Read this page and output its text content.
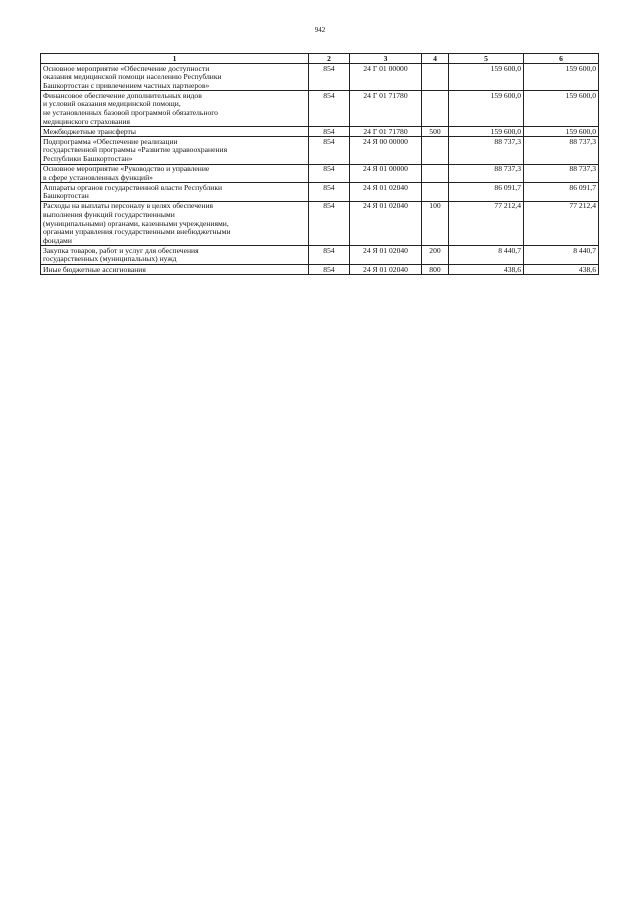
942
1	2	3	4	5	6
Основное мероприятие «Обеспечение доступности
оказания медицинской помощи населению Республики
Башкортостан с привлечением частных партнеров»	854	24 Г 01 00000		159 600,0	159 600,0
Финансовое обеспечение дополнительных видов
и условий оказания медицинской помощи,
не установленных базовой программой обязательного
медицинского страхования	854	24 Г 01 71780		159 600,0	159 600,0
Межбюджетные трансферты	854	24 Г 01 71780	500	159 600,0	159 600,0
Подпрограмма «Обеспечение реализации
государственной программы «Развитие здравоохранения
Республики Башкортостан»	854	24 Я 00 00000		88 737,3	88 737,3
Основное мероприятие «Руководство и управление
в сфере установленных функций»	854	24 Я 01 00000		88 737,3	88 737,3
Аппараты органов государственной власти Республики
Башкортостан	854	24 Я 01 02040		86 091,7	86 091,7
Расходы на выплаты персоналу в целях обеспечения
выполнения функций государственными
(муниципальными) органами, казенными учреждениями,
органами управления государственными внебюджетными
фондами	854	24 Я 01 02040	100	77 212,4	77 212,4
Закупка товаров, работ и услуг для обеспечения
государственных (муниципальных) нужд	854	24 Я 01 02040	200	8 440,7	8 440,7
Иные бюджетные ассигнования	854	24 Я 01 02040	800	438,6	438,6
